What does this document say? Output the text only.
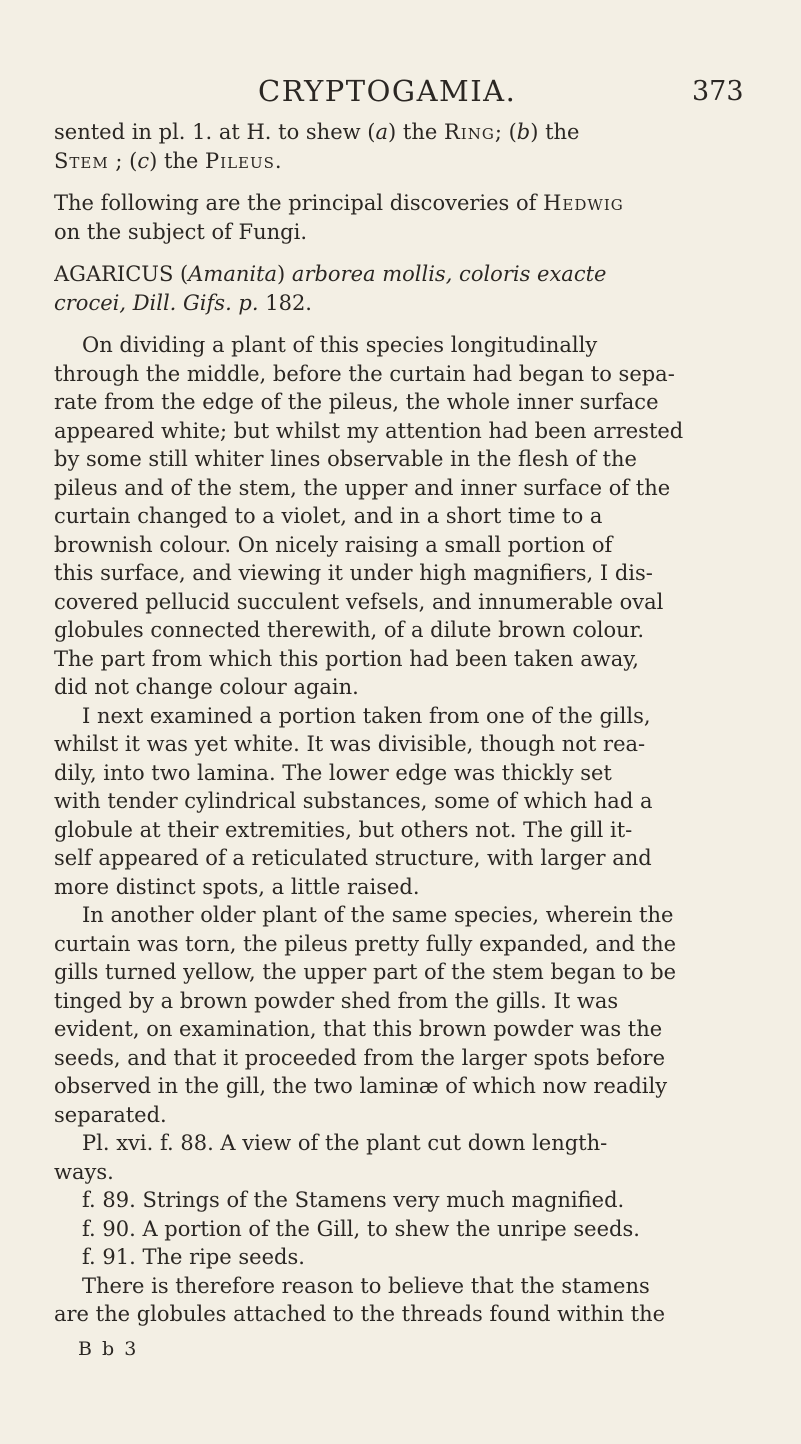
CRYPTOGAMIA.	373
sented in pl. 1. at H. to shew (a) the Ring; (b) the
Stem ; (c) the Pileus.
The following are the principal discoveries of Hedwig
on the subject of Fungi.
AGARICUS (Amanita) arborea mollis, coloris exacte
crocei, Dill. Gifs. p. 182.
On dividing a plant of this species longitudinally
through the middle, before the curtain had began to sepa-
rate from the edge of the pileus, the whole inner surface
appeared white; but whilst my attention had been arrested
by some still whiter lines observable in the flesh of the
pileus and of the stem, the upper and inner surface of the
curtain changed to a violet, and in a short time to a
brownish colour. On nicely raising a small portion of
this surface, and viewing it under high magnifiers, I dis-
covered pellucid succulent vefsels, and innumerable oval
globules connected therewith, of a dilute brown colour.
The part from which this portion had been taken away,
did not change colour again.
I next examined a portion taken from one of the gills,
whilst it was yet white. It was divisible, though not rea-
dily, into two lamina. The lower edge was thickly set
with tender cylindrical substances, some of which had a
globule at their extremities, but others not. The gill it-
self appeared of a reticulated structure, with larger and
more distinct spots, a little raised.
In another older plant of the same species, wherein the
curtain was torn, the pileus pretty fully expanded, and the
gills turned yellow, the upper part of the stem began to be
tinged by a brown powder shed from the gills. It was
evident, on examination, that this brown powder was the
seeds, and that it proceeded from the larger spots before
observed in the gill, the two laminæ of which now readily
separated.
Pl. xvi. f. 88. A view of the plant cut down length-
ways.
f. 89. Strings of the Stamens very much magnified.
f. 90. A portion of the Gill, to shew the unripe seeds.
f. 91. The ripe seeds.
There is therefore reason to believe that the stamens
are the globules attached to the threads found within the
B b 3
